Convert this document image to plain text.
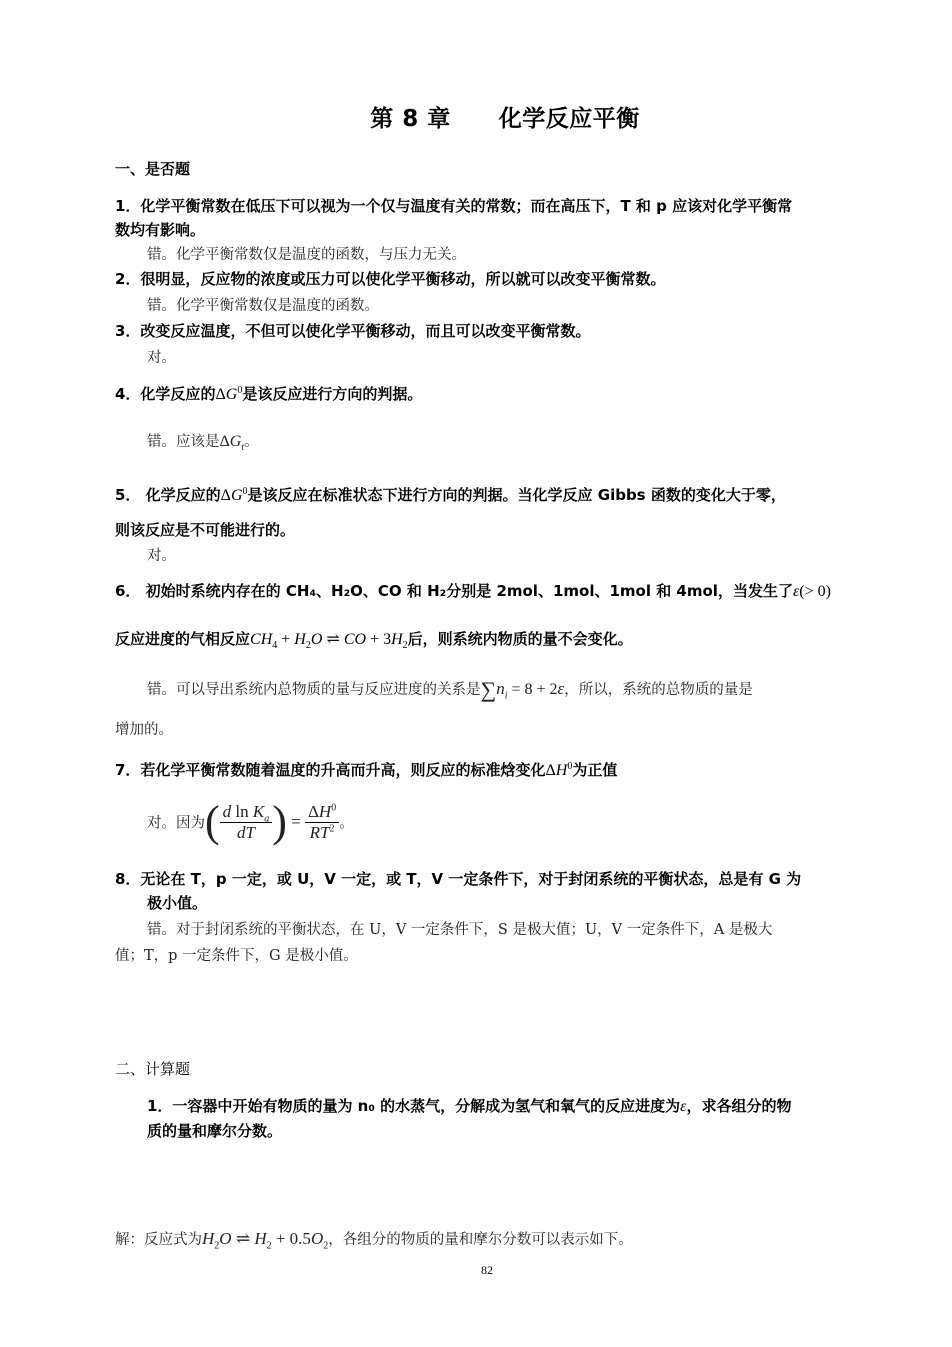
第 8 章 化学反应平衡
一、是否题
1．化学平衡常数在低压下可以视为一个仅与温度有关的常数；而在高压下，T 和 p 应该对化学平衡常
数均有影响。
错。化学平衡常数仅是温度的函数，与压力无关。
2．很明显，反应物的浓度或压力可以使化学平衡移动，所以就可以改变平衡常数。
错。化学平衡常数仅是温度的函数。
3．改变反应温度，不但可以使化学平衡移动，而且可以改变平衡常数。
对。
4．化学反应的$\Delta G^0$是该反应进行方向的判据。
错。应该是$\Delta G_t$。
5． 化学反应的$\Delta G^0$是该反应在标准状态下进行方向的判据。当化学反应 Gibbs 函数的变化大于零，
则该反应是不可能进行的。
对。
6． 初始时系统内存在的 CH₄、H₂O、CO 和 H₂分别是 2mol、1mol、1mol 和 4mol，当发生了ε(> 0)
反应进度的气相反应$CH_4 + H_2O$ ⇌ CO + $3H_2$后，则系统内物质的量不会变化。
错。可以导出系统内总物质的量与反应进度的关系是$\sum n_i = 8 + 2\varepsilon$，所以，系统的总物质的量是
增加的。
7．若化学平衡常数随着温度的升高而升高，则反应的标准焓变化$\Delta H^0$为正值
对。因为( $\frac{d \ln K_a}{dT}$ ) = $\frac{\Delta H^0}{RT^2}$ 。
8．无论在 T，p 一定，或 U，V 一定，或 T，V 一定条件下，对于封闭系统的平衡状态，总是有 G 为
极小值。
错。对于封闭系统的平衡状态，在 U，V 一定条件下，S 是极大值；U，V 一定条件下，A 是极大
值；T，p 一定条件下，G 是极小值。
二、计算题
1．一容器中开始有物质的量为 n₀ 的水蒸气，分解成为氢气和氧气的反应进度为ε，求各组分的物
质的量和摩尔分数。
解：反应式为$H_2O$ ⇌ $H_2 + 0.5O_2$，各组分的物质的量和摩尔分数可以表示如下。
82
